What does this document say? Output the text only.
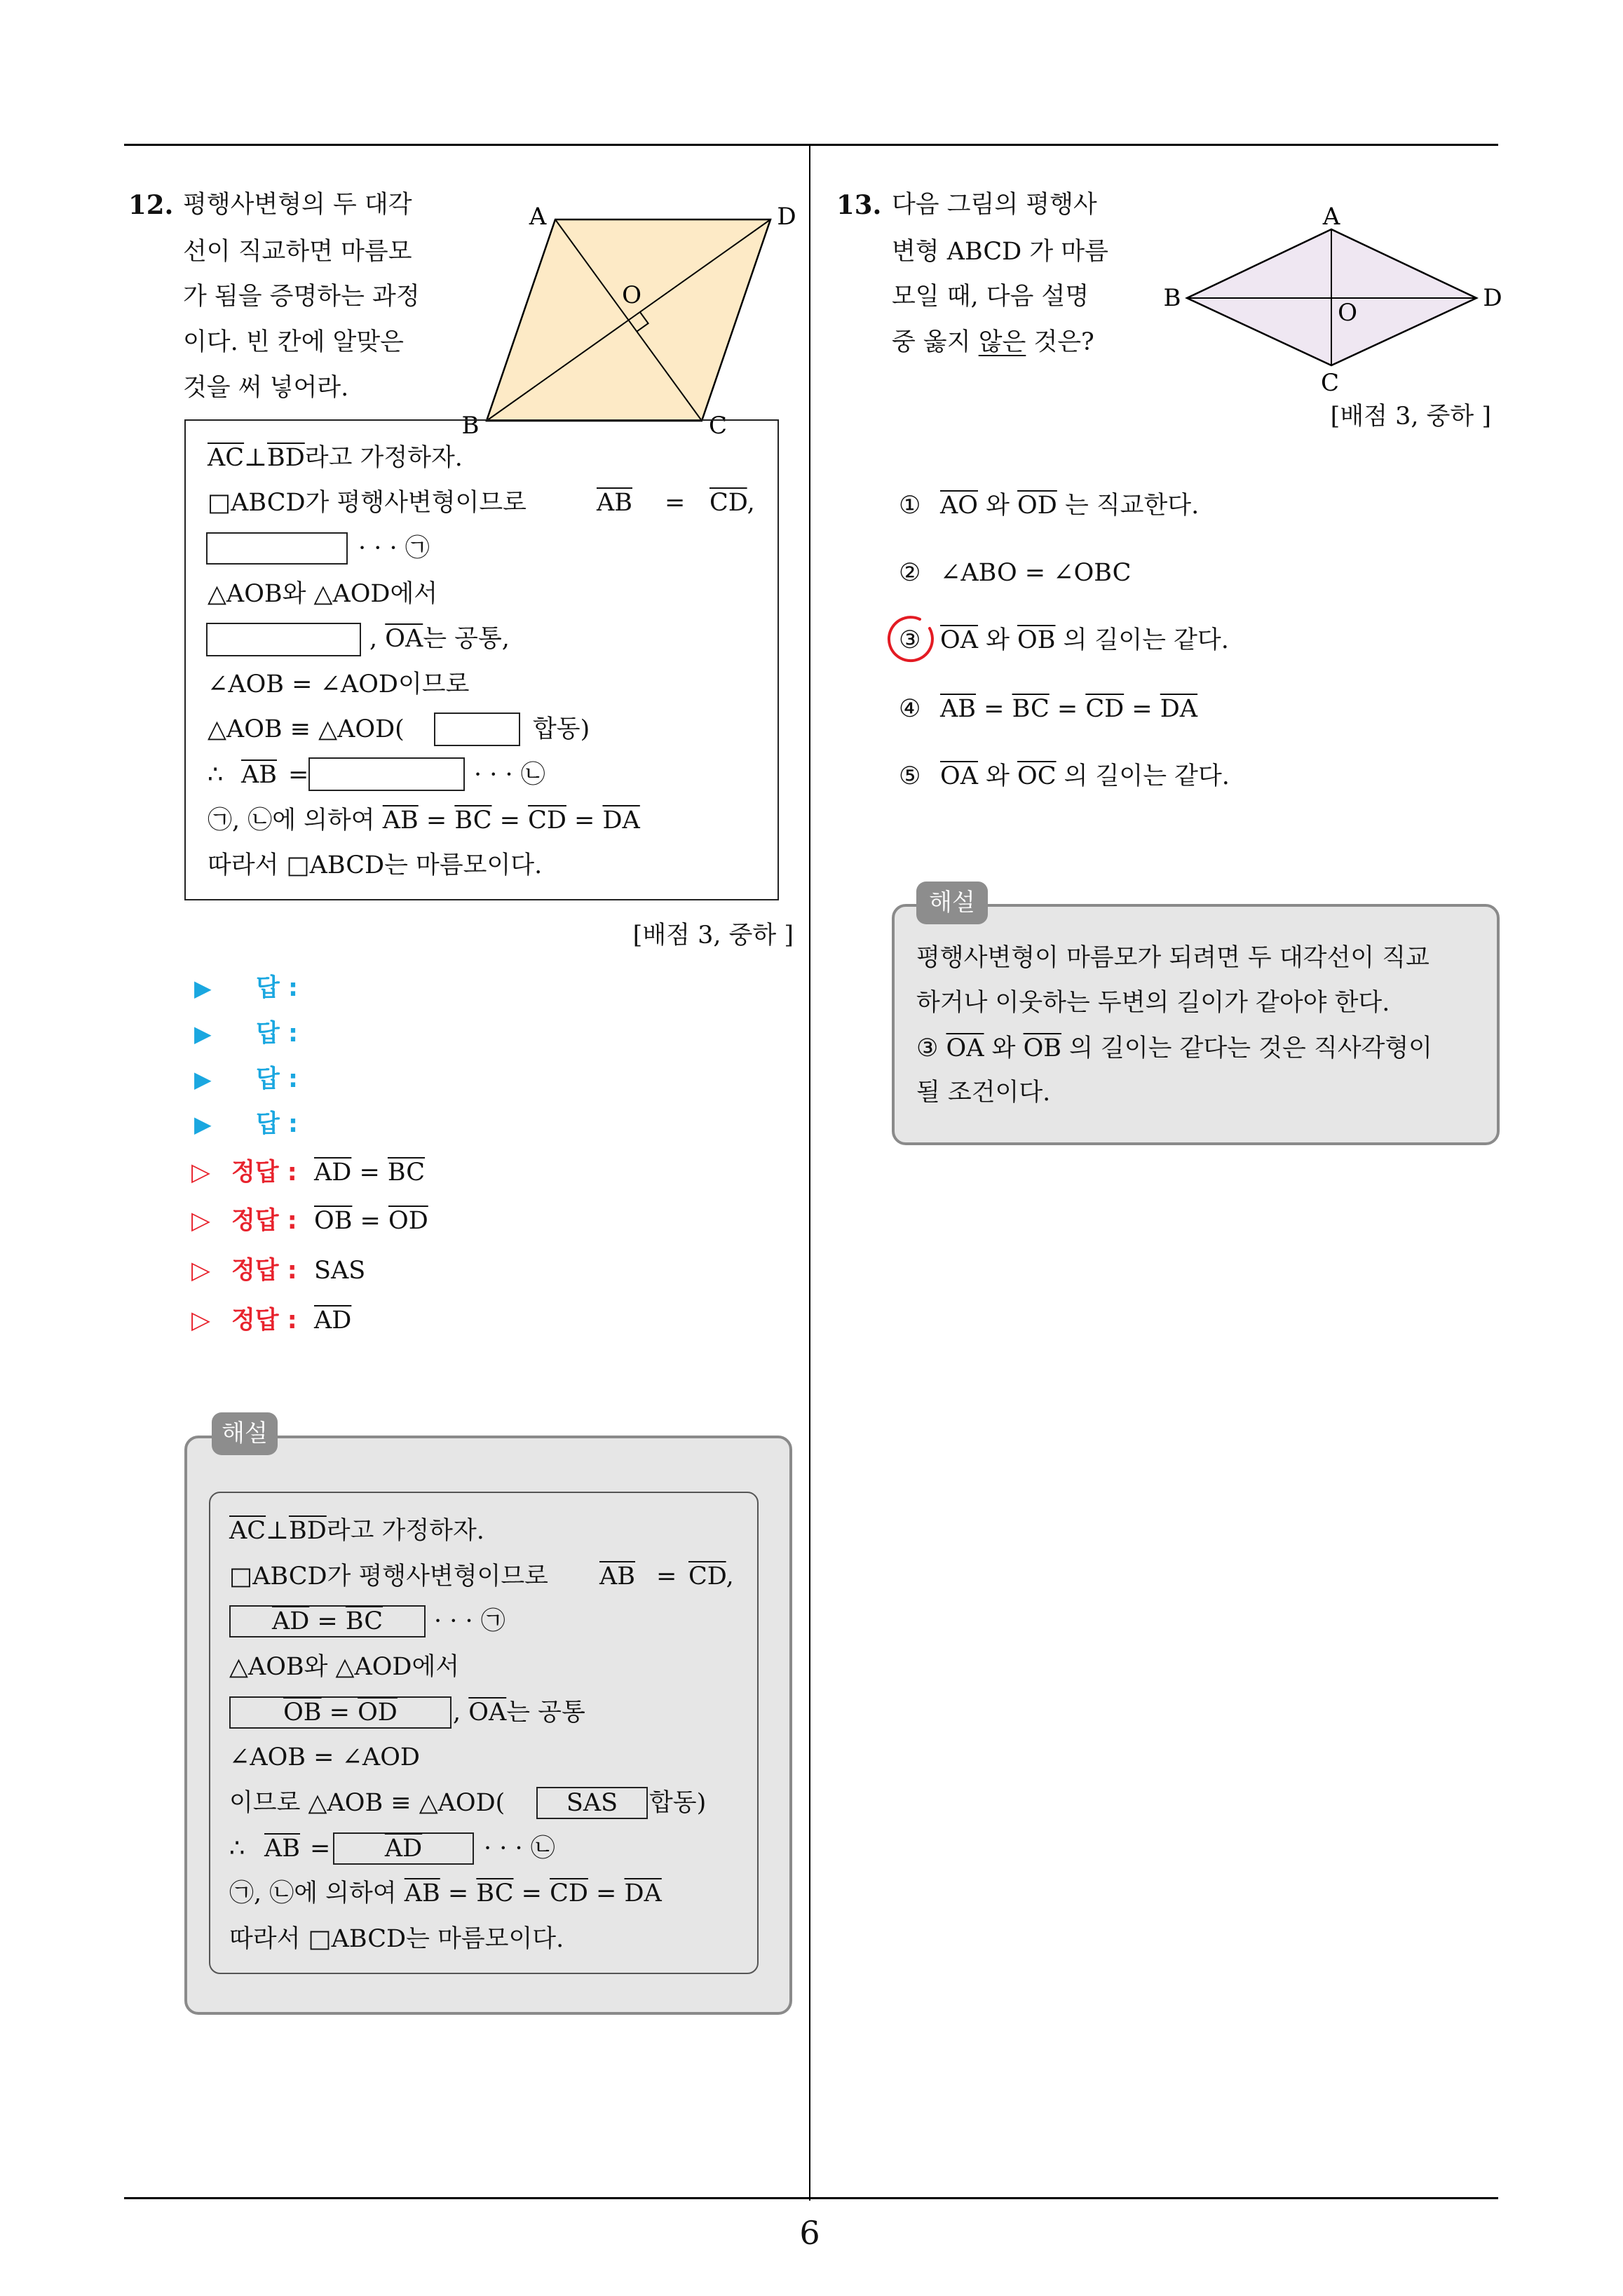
12. 평행사변형의 두 대각
선이 직교하면 마름모
가 됨을 증명하는 과정
이다. 빈 칸에 알맞은
것을 써 넣어라.
A	D
B	C
O
$\overline{AC}\perp\overline{BD}$라고 가정하자.
□ABCD가 평행사변형이므로	$\overline{AB} = \overline{CD}$,
· · · ㉠
△AOB와 △AOD에서
, $\overline{OA}$는 공통,
∠AOB = ∠AOD이므로
△AOB ≡ △AOD(	합동)
∴ $\overline{AB}$ =	· · · ㉡
㉠, ㉡에 의하여 $\overline{AB} = \overline{BC} = \overline{CD} = \overline{DA}$
따라서 □ABCD는 마름모이다.
[배점 3, 중하 ]
▶ 답 :
▶ 답 :
▶ 답 :
▶ 답 :
▷ 정답 : $\overline{AD} = \overline{BC}$
▷ 정답 : $\overline{OB} = \overline{OD}$
▷ 정답 : SAS
▷ 정답 : $\overline{AD}$
해설
$\overline{AC}\perp\overline{BD}$라고 가정하자.
□ABCD가 평행사변형이므로 $\overline{AB} = \overline{CD}$,
$\overline{AD} = \overline{BC}$	· · · ㉠
△AOB와 △AOD에서
$\overline{OB} = \overline{OD}$	, $\overline{OA}$는 공통
∠AOB = ∠AOD
이므로 △AOB ≡ △AOD(	SAS	합동)
∴ $\overline{AB}$ =	$\overline{AD}$	· · · ㉡
㉠, ㉡에 의하여 $\overline{AB} = \overline{BC} = \overline{CD} = \overline{DA}$
따라서 □ABCD는 마름모이다.
13. 다음 그림의 평행사
변형 ABCD 가 마름
모일 때, 다음 설명
중 옳지 않은 것은?
A
B	D
C
O
[배점 3, 중하 ]
① $\overline{AO}$ 와 $\overline{OD}$ 는 직교한다.
② ∠ABO = ∠OBC
③ $\overline{OA}$ 와 $\overline{OB}$ 의 길이는 같다.
④ $\overline{AB} = \overline{BC} = \overline{CD} = \overline{DA}$
⑤ $\overline{OA}$ 와 $\overline{OC}$ 의 길이는 같다.
해설
평행사변형이 마름모가 되려면 두 대각선이 직교
하거나 이웃하는 두변의 길이가 같아야 한다.
③ $\overline{OA}$ 와 $\overline{OB}$ 의 길이는 같다는 것은 직사각형이
될 조건이다.
6
